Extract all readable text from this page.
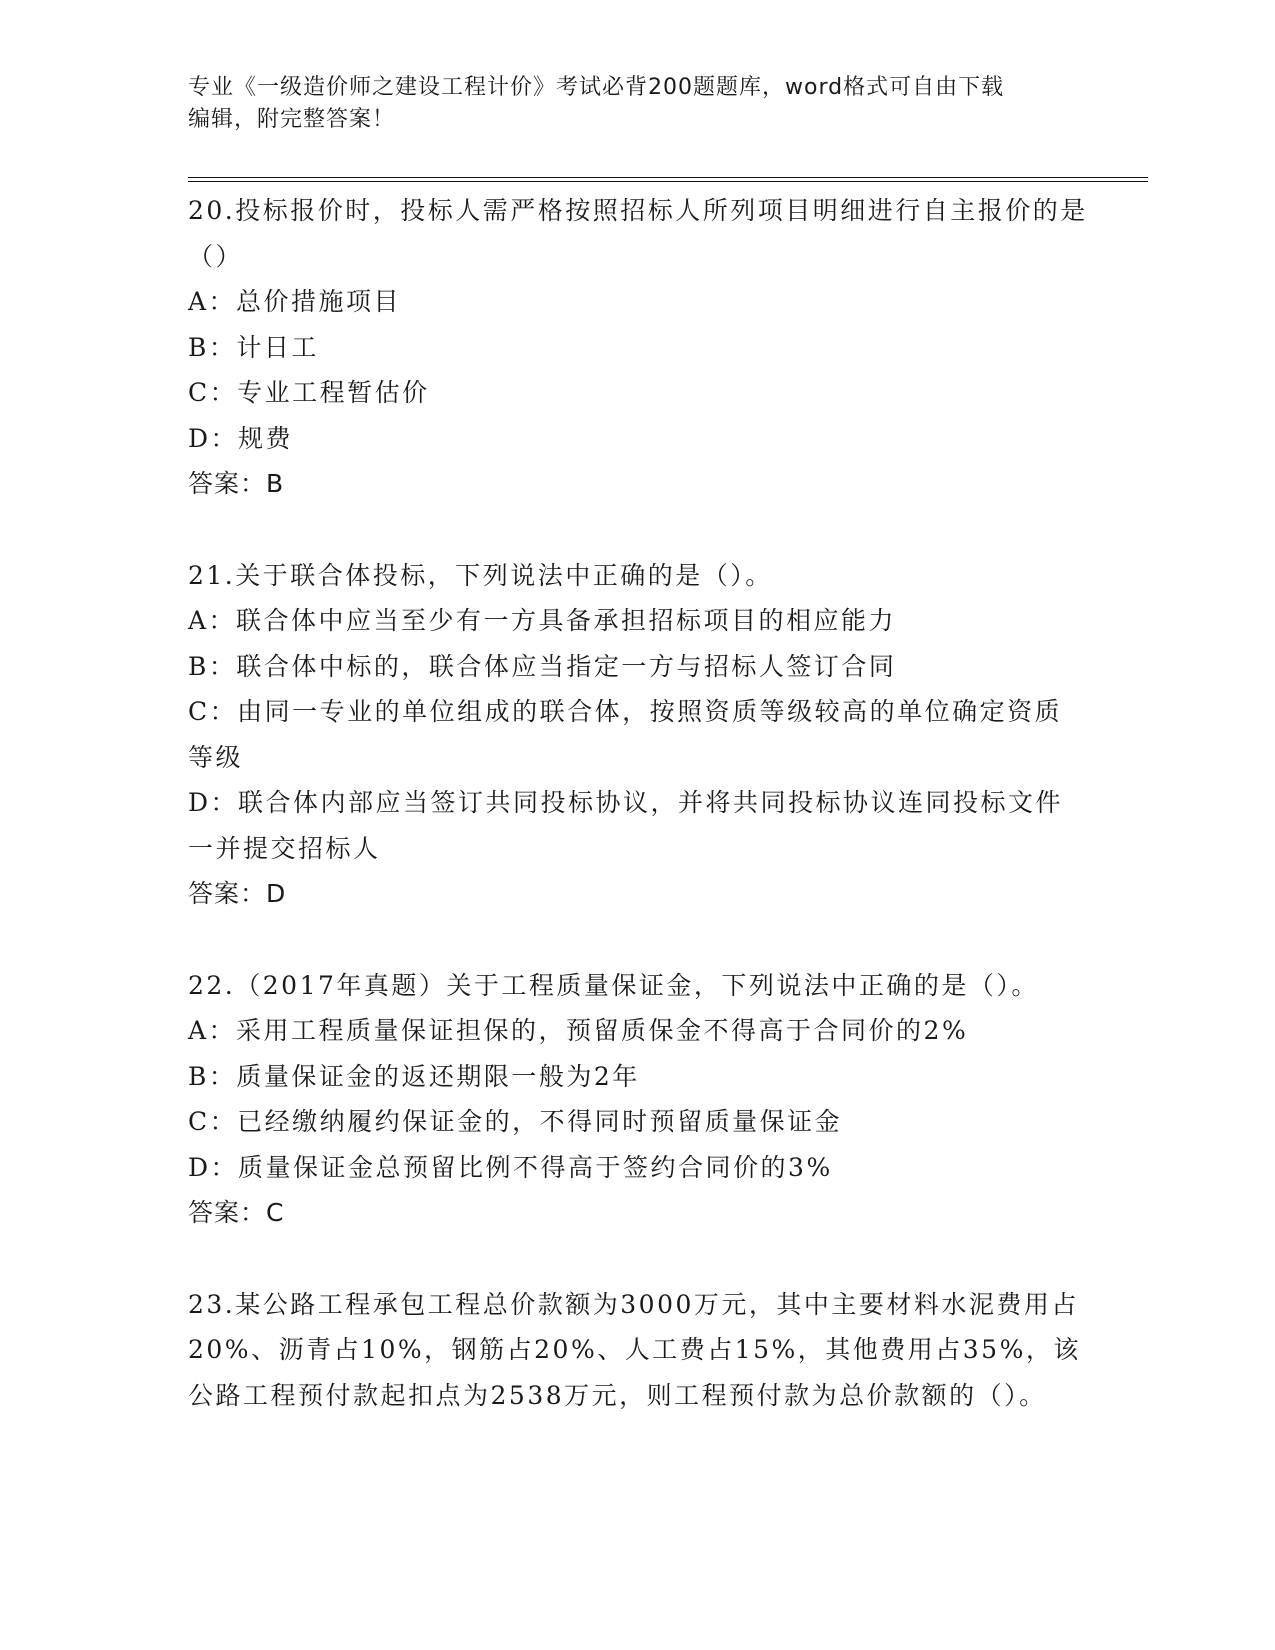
专业《一级造价师之建设工程计价》考试必背200题题库，word格式可自由下载
编辑，附完整答案！

20.投标报价时，投标人需严格按照招标人所列项目明细进行自主报价的是（）

A：总价措施项目

B：计日工

C：专业工程暂估价

D：规费

答案：B

21.关于联合体投标，下列说法中正确的是（）。

A：联合体中应当至少有一方具备承担招标项目的相应能力

B：联合体中标的，联合体应当指定一方与招标人签订合同

C：由同一专业的单位组成的联合体，按照资质等级较高的单位确定资质等级

D：联合体内部应当签订共同投标协议，并将共同投标协议连同投标文件一并提交招标人

答案：D

22.（2017年真题）关于工程质量保证金，下列说法中正确的是（）。

A：采用工程质量保证担保的，预留质保金不得高于合同价的2%

B：质量保证金的返还期限一般为2年

C：已经缴纳履约保证金的，不得同时预留质量保证金

D：质量保证金总预留比例不得高于签约合同价的3%

答案：C

23.某公路工程承包工程总价款额为3000万元，其中主要材料水泥费用占20%、沥青占10%，钢筋占20%、人工费占15%，其他费用占35%，该公路工程预付款起扣点为2538万元，则工程预付款为总价款额的（）。
